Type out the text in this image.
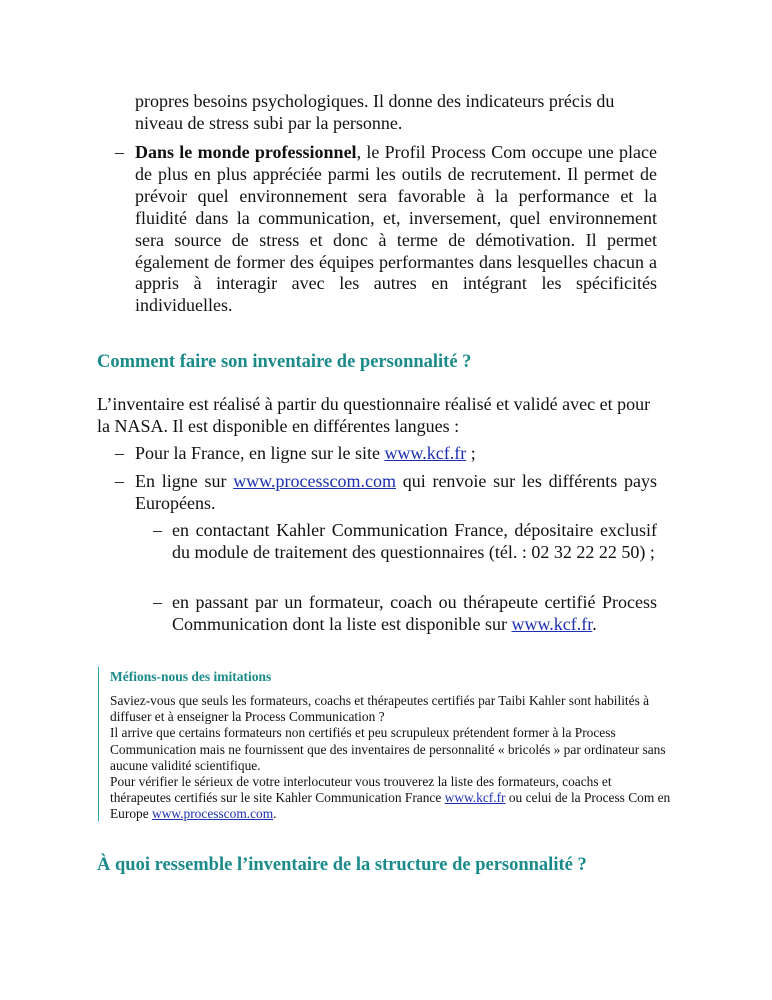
propres besoins psychologiques. Il donne des indicateurs précis du

niveau de stress subi par la personne.

– Dans le monde professionnel, le Profil Process Com occupe une place de plus en plus appréciée parmi les outils de recrutement. Il permet de prévoir quel environnement sera favorable à la performance et la fluidité dans la communication, et, inversement, quel environnement sera source de stress et donc à terme de démotivation. Il permet également de former des équipes performantes dans lesquelles chacun a appris à interagir avec les autres en intégrant les spécificités individuelles.

Comment faire son inventaire de personnalité ?

L’inventaire est réalisé à partir du questionnaire réalisé et validé avec et pour la NASA. Il est disponible en différentes langues :

– Pour la France, en ligne sur le site www.kcf.fr ;

– En ligne sur www.processcom.com qui renvoie sur les différents pays Européens.

– en contactant Kahler Communication France, dépositaire exclusif du module de traitement des questionnaires (tél. : 02 32 22 22 50) ;

– en passant par un formateur, coach ou thérapeute certifié Process Communication dont la liste est disponible sur www.kcf.fr.

Méfions-nous des imitations

Saviez-vous que seuls les formateurs, coachs et thérapeutes certifiés par Taibi Kahler sont habilités à diffuser et à enseigner la Process Communication ?
Il arrive que certains formateurs non certifiés et peu scrupuleux prétendent former à la Process Communication mais ne fournissent que des inventaires de personnalité « bricolés » par ordinateur sans aucune validité scientifique.
Pour vérifier le sérieux de votre interlocuteur vous trouverez la liste des formateurs, coachs et thérapeutes certifiés sur le site Kahler Communication France www.kcf.fr ou celui de la Process Com en Europe www.processcom.com.

À quoi ressemble l’inventaire de la structure de personnalité ?
